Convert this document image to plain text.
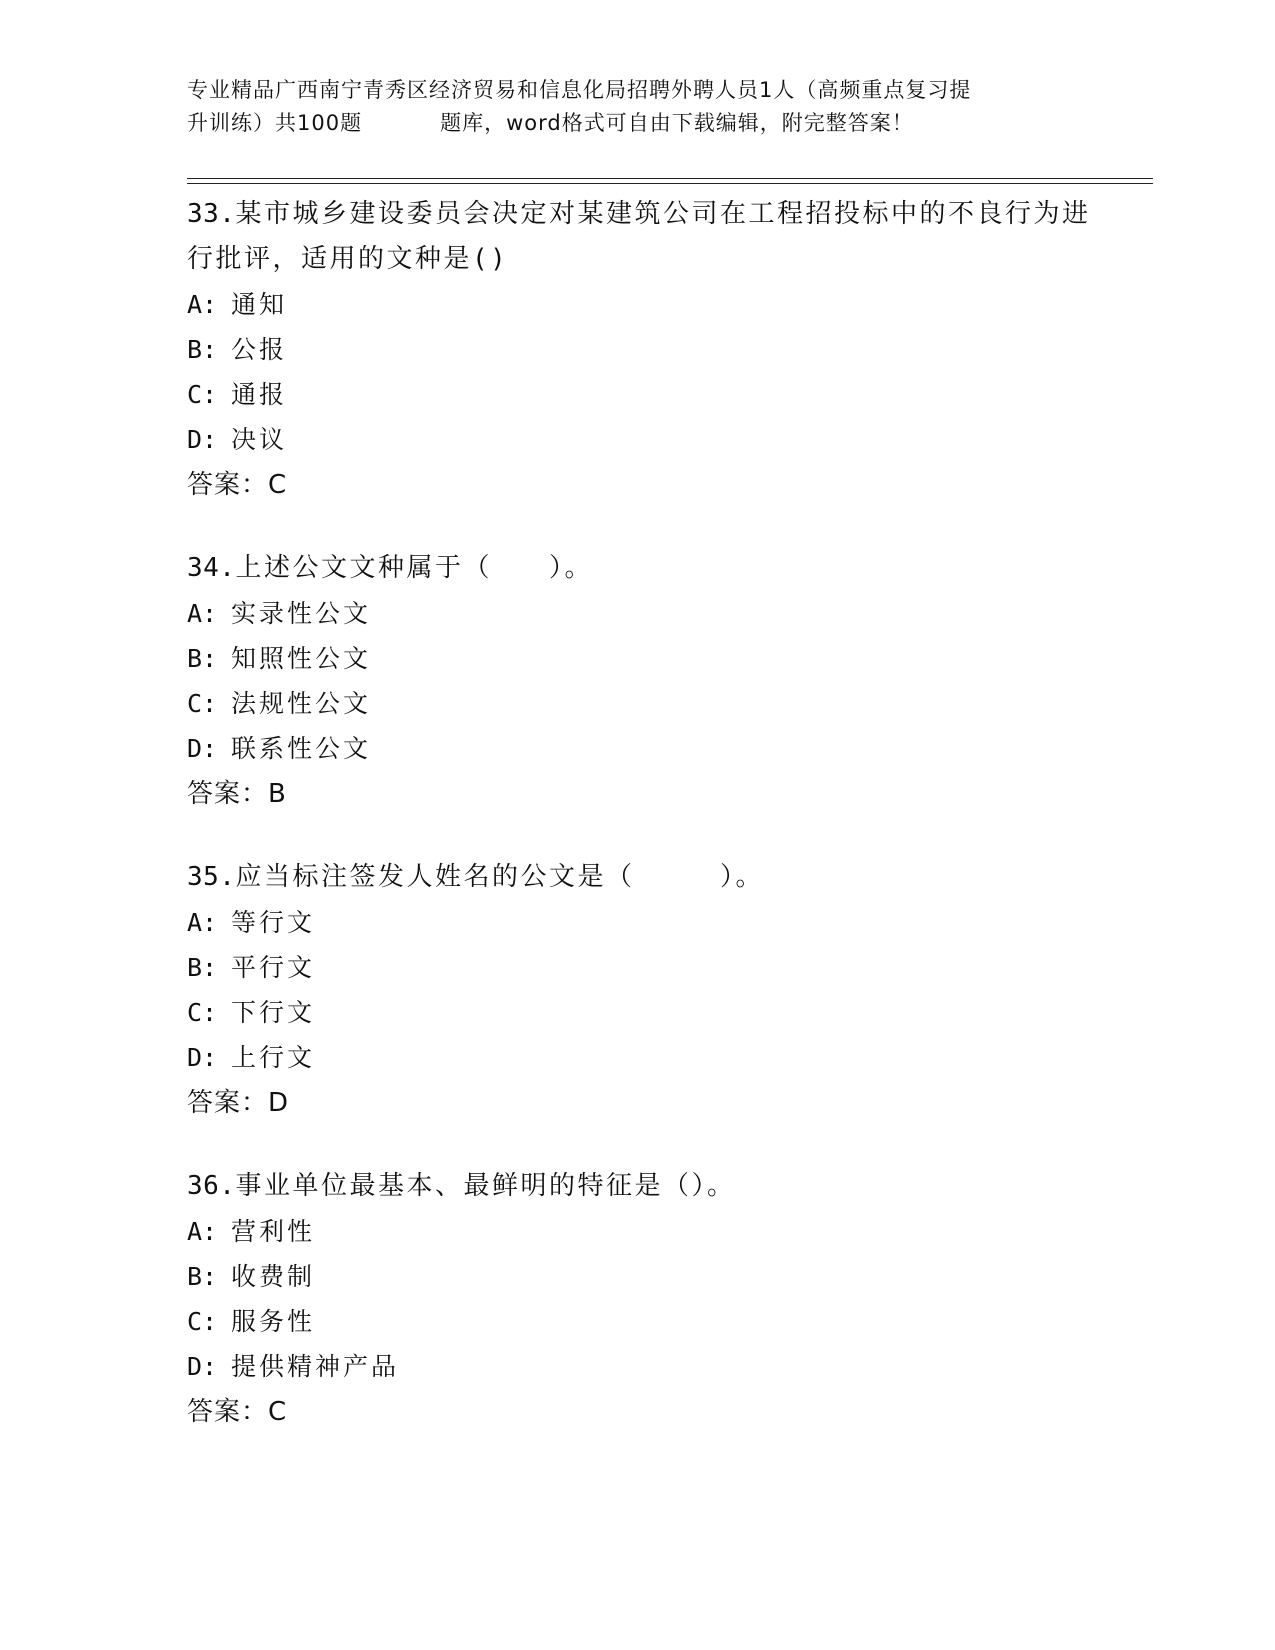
专业精品广西南宁青秀区经济贸易和信息化局招聘外聘人员1人（高频重点复习提
升训练）共100题	题库，word格式可自由下载编辑，附完整答案！
33.某市城乡建设委员会决定对某建筑公司在工程招投标中的不良行为进行批评，适用的文种是()
A: 通知
B: 公报
C: 通报
D: 决议
答案：C
34.上述公文文种属于（　　）。
A: 实录性公文
B: 知照性公文
C: 法规性公文
D: 联系性公文
答案：B
35.应当标注签发人姓名的公文是（　　　）。
A: 等行文
B: 平行文
C: 下行文
D: 上行文
答案：D
36.事业单位最基本、最鲜明的特征是（）。
A: 营利性
B: 收费制
C: 服务性
D: 提供精神产品
答案：C
